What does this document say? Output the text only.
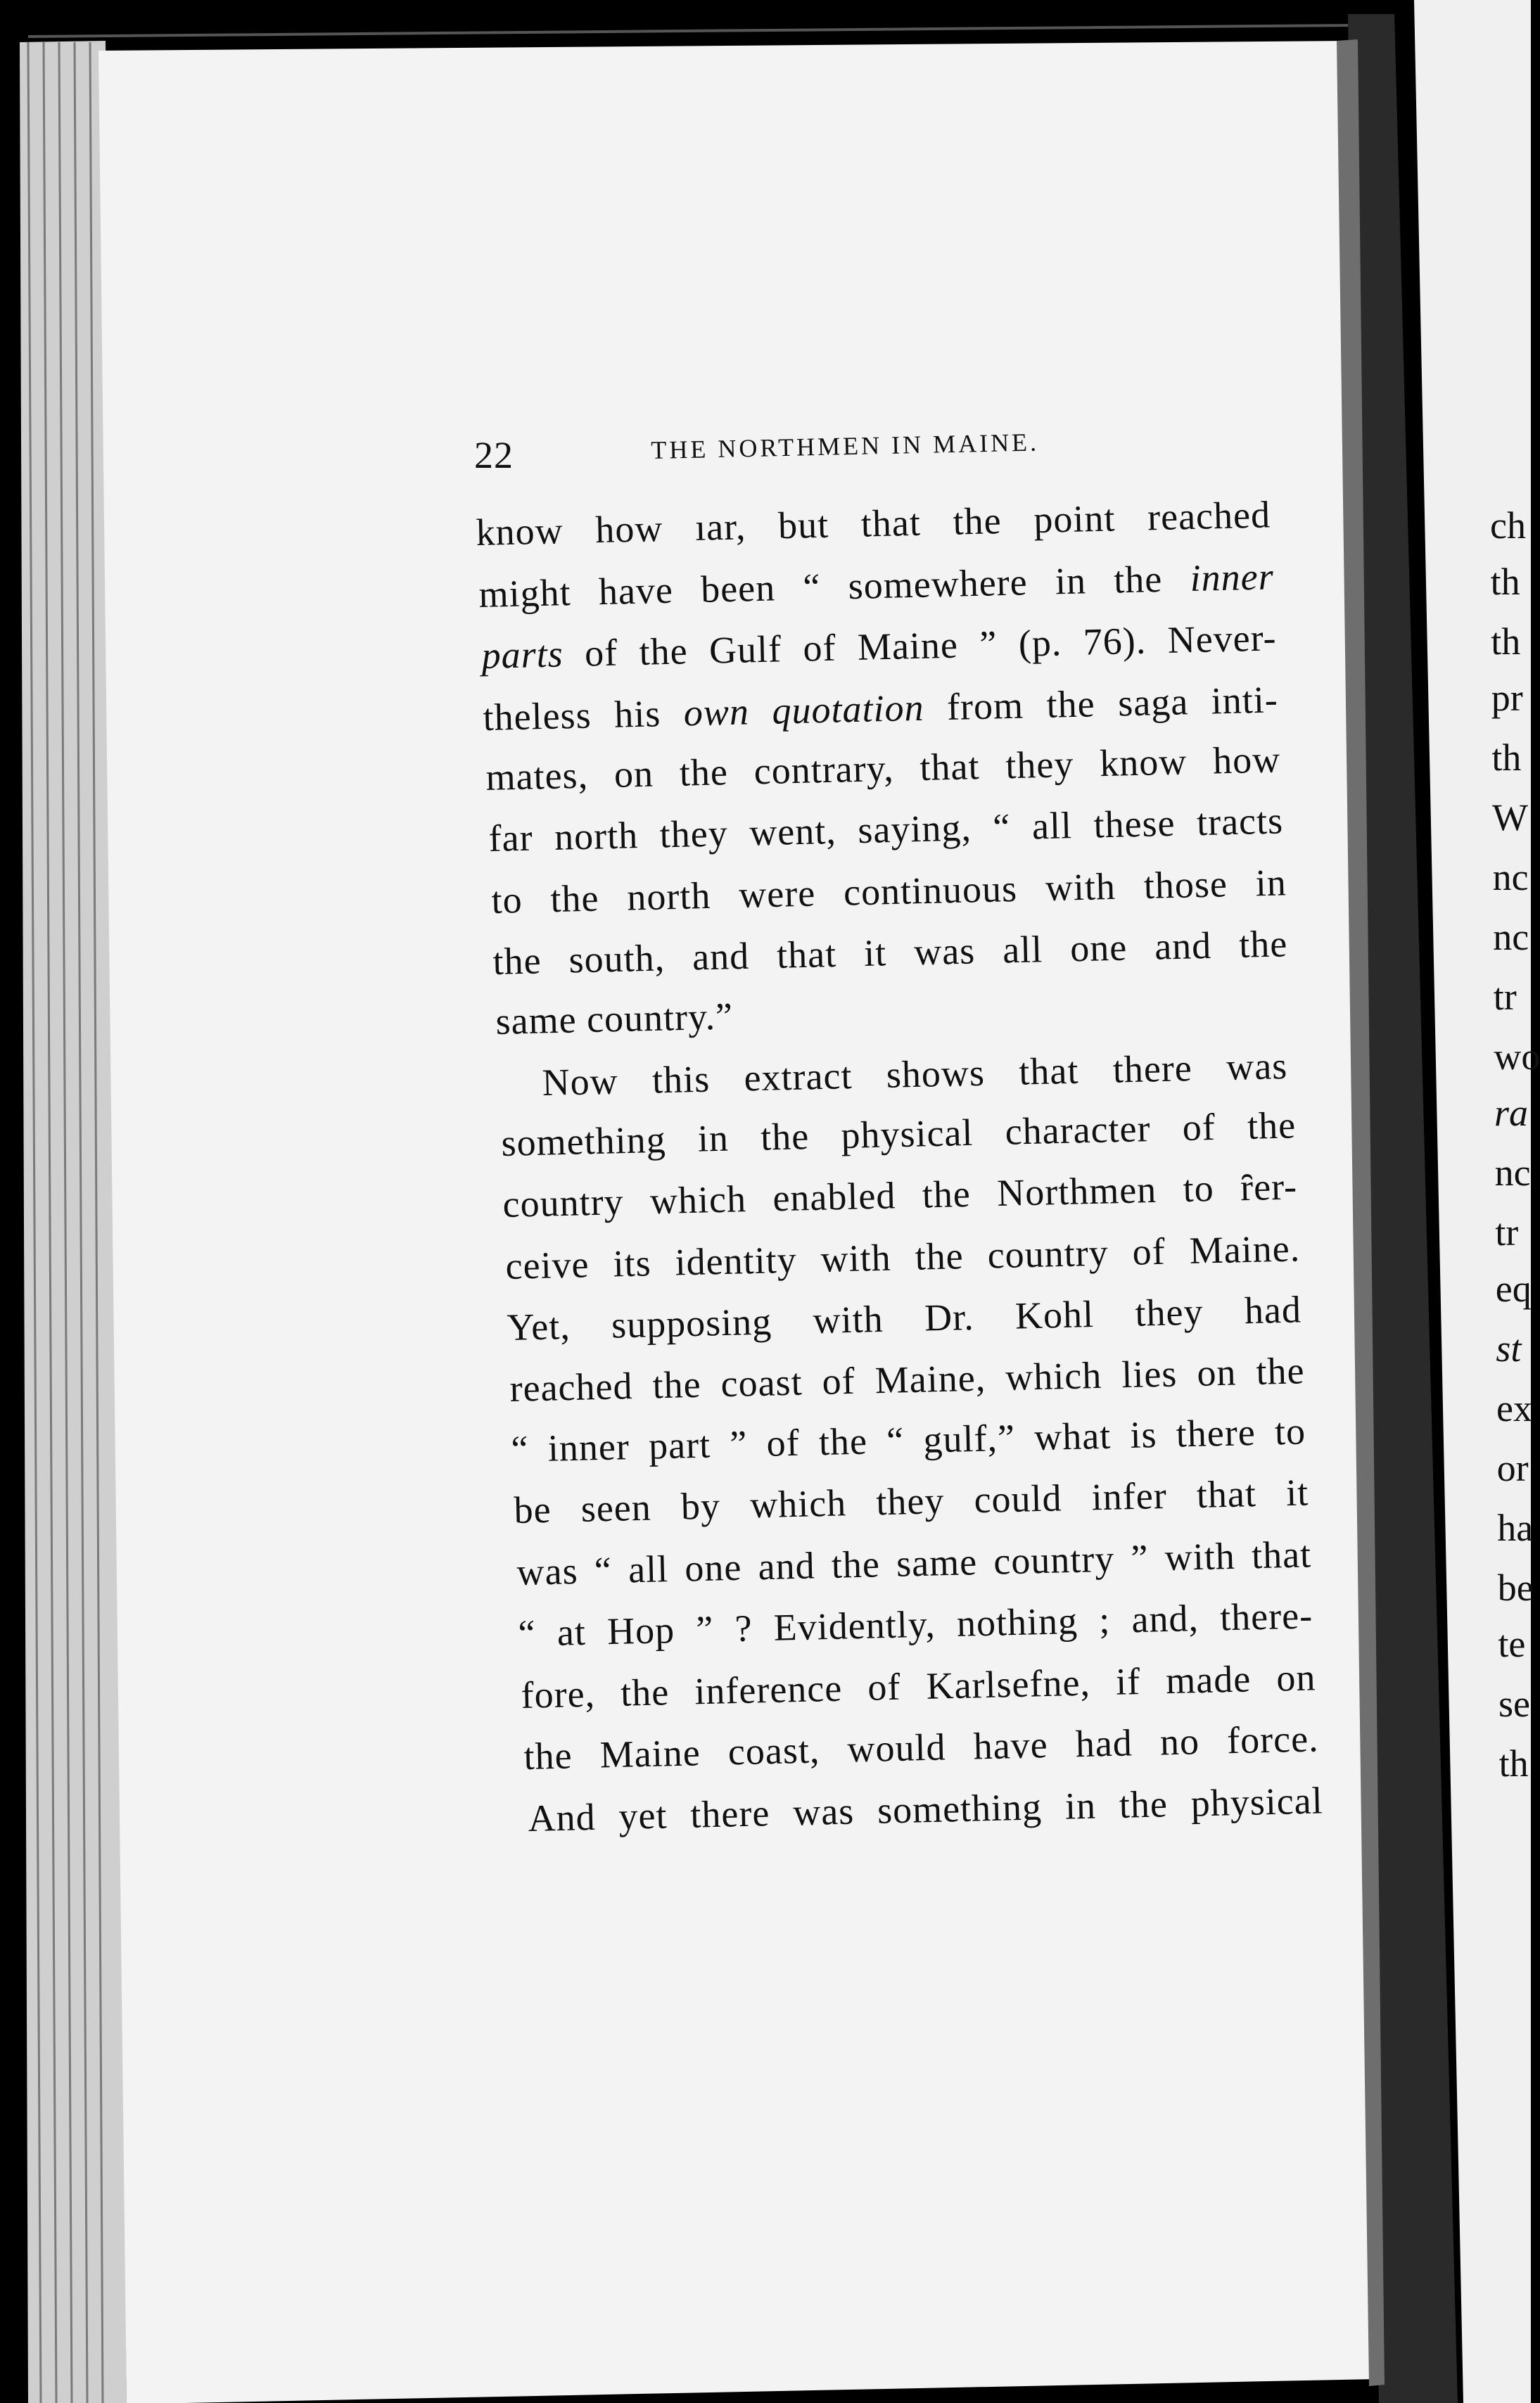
22	THE NORTHMEN IN MAINE.
know how ıar, but that the point reached
might have been “ somewhere in the inner
parts of the Gulf of Maine ” (p. 76). Never-
theless his own quotation from the saga inti-
mates, on the contrary, that they know how
far north they went, saying, “ all these tracts
to the north were continuous with those in
the south, and that it was all one and the
same country.”
Now this extract shows that there was
something in the physical character of the
country which enabled the Northmen to ȓer-
ceive its identity with the country of Maine.
Yet, supposing with Dr. Kohl they had
reached the coast of Maine, which lies on the
“ inner part ” of the “ gulf,” what is there to
be seen by which they could infer that it
was “ all one and the same country ” with that
“ at Hop ” ? Evidently, nothing ; and, there-
fore, the inference of Karlsefne, if made on
the Maine coast, would have had no force.
And yet there was something in the physical
ch
th
th
pr
th
W
nc
nc
tr
wo
ra
nc
tr
eq
st
ex
or
ha
be
te
se
th
